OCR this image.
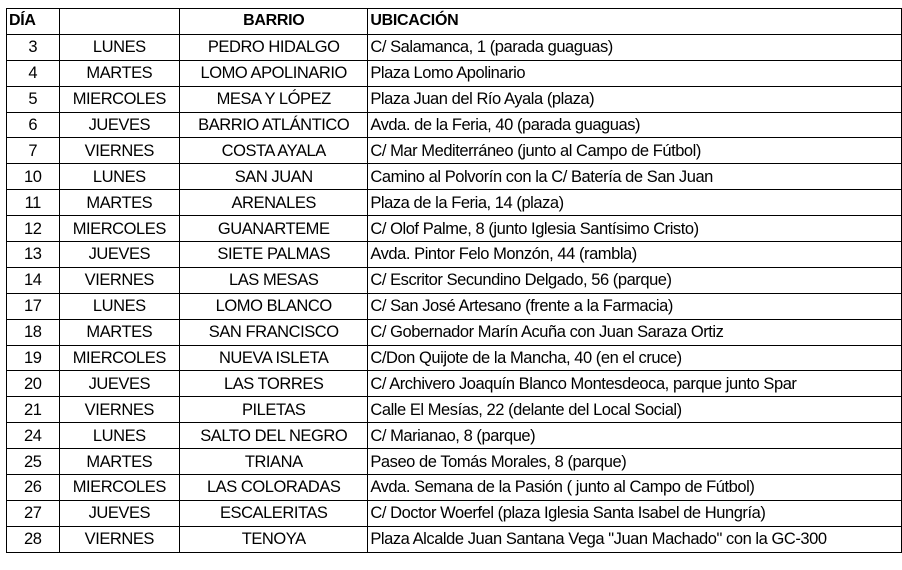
DÍA		BARRIO	UBICACIÓN
3	LUNES	PEDRO HIDALGO	C/ Salamanca, 1 (parada guaguas)
4	MARTES	LOMO APOLINARIO	Plaza Lomo Apolinario
5	MIERCOLES	MESA Y LÓPEZ	Plaza Juan del Río Ayala (plaza)
6	JUEVES	BARRIO ATLÁNTICO	Avda. de la Feria, 40 (parada guaguas)
7	VIERNES	COSTA AYALA	C/ Mar Mediterráneo (junto al Campo de Fútbol)
10	LUNES	SAN JUAN	Camino al Polvorín con la C/ Batería de San Juan
11	MARTES	ARENALES	Plaza de la Feria, 14 (plaza)
12	MIERCOLES	GUANARTEME	C/ Olof Palme, 8 (junto Iglesia Santísimo Cristo)
13	JUEVES	SIETE PALMAS	Avda. Pintor Felo Monzón, 44 (rambla)
14	VIERNES	LAS MESAS	C/ Escritor Secundino Delgado, 56 (parque)
17	LUNES	LOMO BLANCO	C/ San José Artesano (frente a la Farmacia)
18	MARTES	SAN FRANCISCO	C/ Gobernador Marín Acuña con Juan Saraza Ortiz
19	MIERCOLES	NUEVA ISLETA	C/Don Quijote de la Mancha, 40 (en el cruce)
20	JUEVES	LAS TORRES	C/ Archivero Joaquín Blanco Montesdeoca, parque junto Spar
21	VIERNES	PILETAS	Calle El Mesías, 22 (delante del Local Social)
24	LUNES	SALTO DEL NEGRO	C/ Marianao, 8 (parque)
25	MARTES	TRIANA	Paseo de Tomás Morales, 8 (parque)
26	MIERCOLES	LAS COLORADAS	Avda. Semana de la Pasión ( junto al Campo de Fútbol)
27	JUEVES	ESCALERITAS	C/ Doctor Woerfel (plaza Iglesia Santa Isabel de Hungría)
28	VIERNES	TENOYA	Plaza Alcalde Juan Santana Vega "Juan Machado" con la GC-300
